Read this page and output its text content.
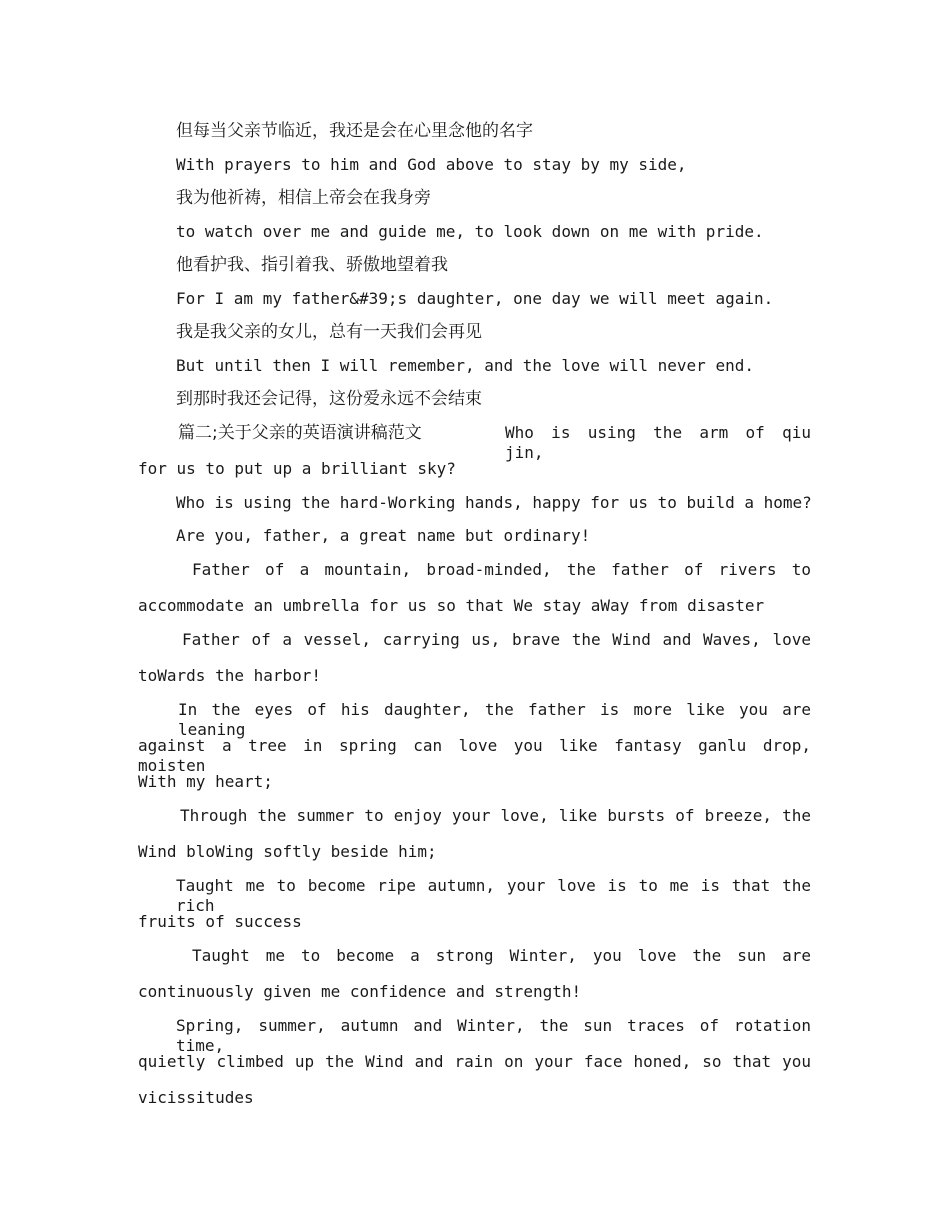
但每当父亲节临近，我还是会在心里念他的名字
With prayers to him and God above to stay by my side,
我为他祈祷，相信上帝会在我身旁
to watch over me and guide me, to look down on me with pride.
他看护我、指引着我、骄傲地望着我
For I am my father&#39;s daughter, one day we will meet again.
我是我父亲的女儿，总有一天我们会再见
But until then I will remember, and the love will never end.
到那时我还会记得，这份爱永远不会结束
篇二;关于父亲的英语演讲稿范文	Who is using the arm of qiu jin,
for us to put up a brilliant sky?
Who is using the hard-Working hands, happy for us to build a home?
Are you, father, a great name but ordinary!
Father of a mountain, broad-minded, the father of rivers to
accommodate an umbrella for us so that We stay aWay from disaster
Father of a vessel, carrying us, brave the Wind and Waves, love
toWards the harbor!
In the eyes of his daughter, the father is more like you are leaning
against a tree in spring can love you like fantasy ganlu drop, moisten
With my heart;
Through the summer to enjoy your love, like bursts of breeze, the
Wind bloWing softly beside him;
Taught me to become ripe autumn, your love is to me is that the rich
fruits of success
Taught me to become a strong Winter, you love the sun are
continuously given me confidence and strength!
Spring, summer, autumn and Winter, the sun traces of rotation time,
quietly climbed up the Wind and rain on your face honed, so that you
vicissitudes
